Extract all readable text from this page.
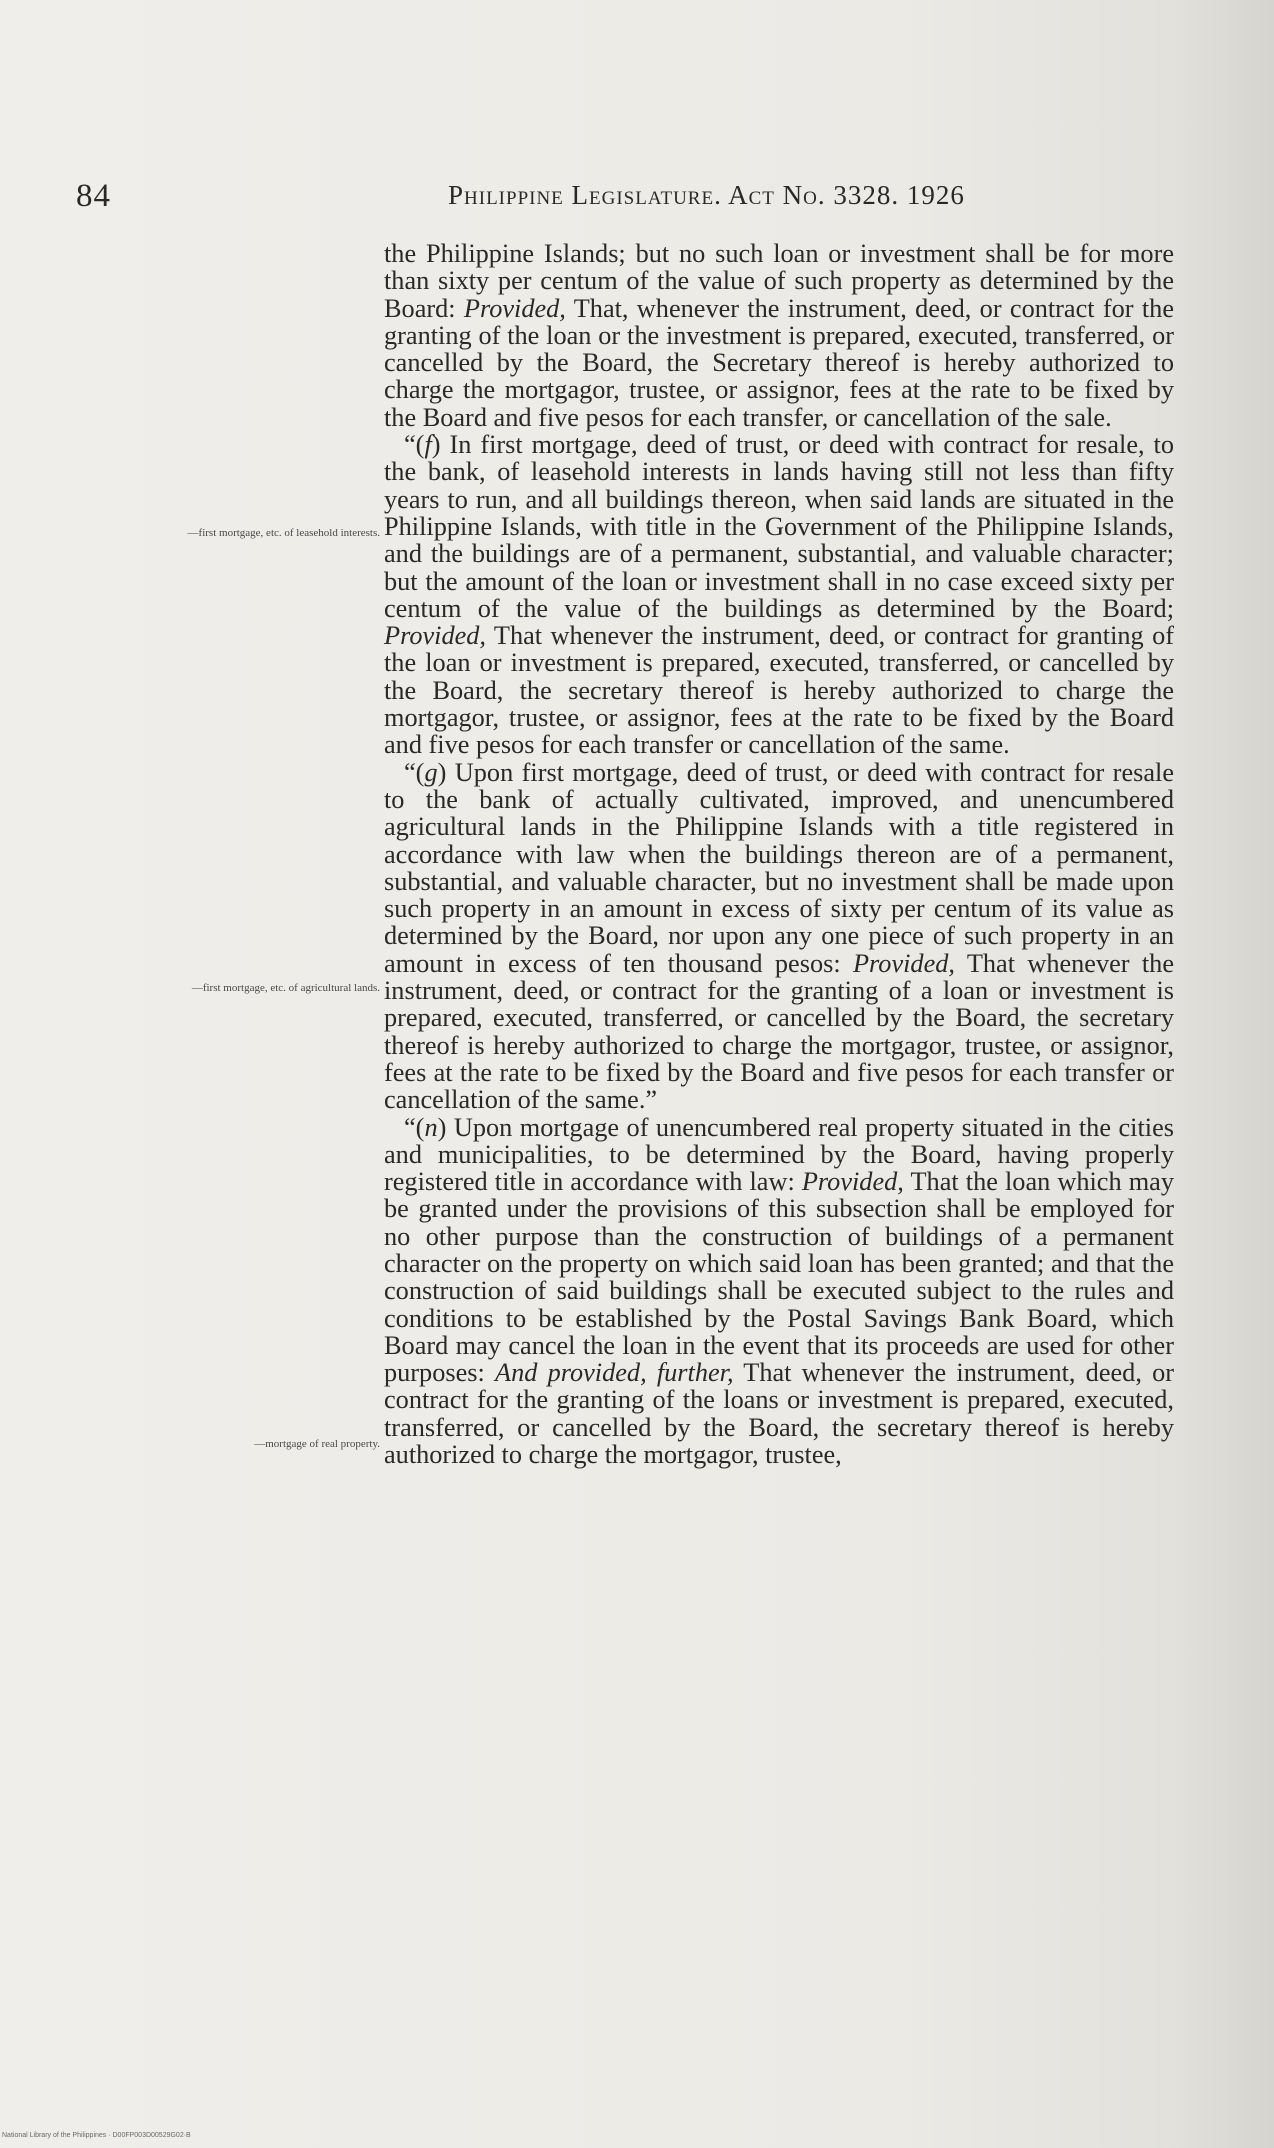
84	Philippine Legislature. Act No. 3328. 1926
—first mortgage, etc. of leasehold interests.
—first mortgage, etc. of agricultural lands.
—mortgage of real property.

the Philippine Islands; but no such loan or investment shall be for more than sixty per centum of the value of such property as determined by the Board: Provided, That, whenever the instrument, deed, or contract for the granting of the loan or the investment is prepared, executed, transferred, or cancelled by the Board, the Secretary thereof is hereby authorized to charge the mortgagor, trustee, or assignor, fees at the rate to be fixed by the Board and five pesos for each transfer, or cancellation of the sale.

“(f) In first mortgage, deed of trust, or deed with contract for resale, to the bank, of leasehold interests in lands having still not less than fifty years to run, and all buildings thereon, when said lands are situated in the Philippine Islands, with title in the Government of the Philippine Islands, and the buildings are of a permanent, substantial, and valuable character; but the amount of the loan or investment shall in no case exceed sixty per centum of the value of the buildings as determined by the Board; Provided, That whenever the instrument, deed, or contract for granting of the loan or investment is prepared, executed, transferred, or cancelled by the Board, the secretary thereof is hereby authorized to charge the mortgagor, trustee, or assignor, fees at the rate to be fixed by the Board and five pesos for each transfer or cancellation of the same.

“(g) Upon first mortgage, deed of trust, or deed with contract for resale to the bank of actually cultivated, improved, and unencumbered agricultural lands in the Philippine Islands with a title registered in accordance with law when the buildings thereon are of a permanent, substantial, and valuable character, but no investment shall be made upon such property in an amount in excess of sixty per centum of its value as determined by the Board, nor upon any one piece of such property in an amount in excess of ten thousand pesos: Provided, That whenever the instrument, deed, or contract for the granting of a loan or investment is prepared, executed, transferred, or cancelled by the Board, the secretary thereof is hereby authorized to charge the mortgagor, trustee, or assignor, fees at the rate to be fixed by the Board and five pesos for each transfer or cancellation of the same.”

“(n) Upon mortgage of unencumbered real property situated in the cities and municipalities, to be determined by the Board, having properly registered title in accordance with law: Provided, That the loan which may be granted under the provisions of this subsection shall be employed for no other purpose than the construction of buildings of a permanent character on the property on which said loan has been granted; and that the construction of said buildings shall be executed subject to the rules and conditions to be established by the Postal Savings Bank Board, which Board may cancel the loan in the event that its proceeds are used for other purposes: And provided, further, That whenever the instrument, deed, or contract for the granting of the loans or investment is prepared, executed, transferred, or cancelled by the Board, the secretary thereof is hereby authorized to charge the mortgagor, trustee,

National Library of the Philippines · D00FP003D00529G02·B
